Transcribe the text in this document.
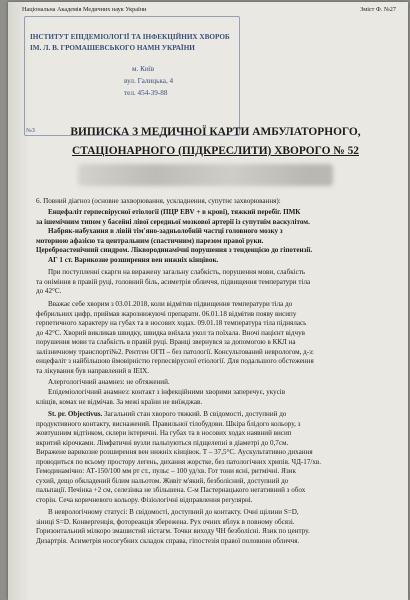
Національна Академія Медичних наук України	Зміст Ф. №27
ІНСТИТУТ ЕПІДЕМІОЛОГІЇ ТА ІНФЕКЦІЙНИХ ХВОРОБ
ІМ. Л. В. ГРОМАШЕВСЬКОГО НАМН УКРАЇНИ
м. Київ
вул. Галицька, 4
тел. 454-39-88
№3	ВИПИСКА З МЕДИЧНОЇ КАРТИ АМБУЛАТОРНОГО,
СТАЦІОНАРНОГО (ПІДКРЕСЛИТИ) ХВОРОГО № 52
6. Повний діагноз (основне захворювання, ускладнення, супутнє захворювання):
Енцефаліт герпесвірусної етіології (ПЦР EBV + в крові), тяжкий перебіг. ПМК
за ішемічним типом у басейні лівої середньої мозкової артерії із супутнім васкулітом.
Набряк-набухання в лівій тім'яно-задньолобній частці головного мозку з
моторною афазією та центральним (спастичним) парезом правої руки.
Цереброастенічний синдром. Ліквородинамічні порушення з тенденцією до гіпотензії.
АГ 1 ст. Варикозне розширення вен нижніх кінцівок.
При поступленні скарги на виражену загальну слабкість, порушення мови, слабкість
та оніміння в правій руці, головний біль, асиметрія обличчя, підвищення температури тіла
до 42°С.
Вважає себе хворим з 03.01.2018, коли відмітив підвищення температури тіла до
фебрильних цифр, приймав жарознижуючі препарати. 06.01.18 відмітив появу висипу
герпетичного характеру на губах та в носових ходах. 09.01.18 температура тіла піднялась
до 42°С. Хворий викликав швидку, швидка виїхала укол та поїхала. Вночі пацієнт відчув
порушення мови та слабкість в правій руці. Вранці звернувся за допомогою в ККЛ на
залізничному транспорті№2. Рентген ОГП – без патології. Консультований неврологом, д-з:
енцефаліт з найбільшою ймовірністю герпесвірусної етіології. Для подальшого обстеження
та лікування був направлений в ІЕІХ.
Алергологічний анамнез: не обтяжений.
Епідеміологічний анамнез: контакт з інфекційними хворими заперечує, укусів
кліщів, комах не відмічав. За межі країни не виїжджав.
St. pr. Objectivus. Загальний стан хворого тяжкий. В свідомості, доступний до
продуктивного контакту, виснажений. Правильної тілобудови. Шкіра блідого кольору, з
жовтушним відтінком, склери іктеричні. На губах та в носових ходах наявний висип
вкритий кірочками. Лімфатичні вузли пальпуються підщелепні в діаметрі до 0,7см.
Виражене варикозне розширення вен нижніх кінцівок. Т – 37,5°С. Аускультативно дихання
проводиться по всьому простору легень, дихання жорстке, без патологічних хрипів. ЧД-17/хв.
Гемодинамічно: АТ-150/100 мм рт ст., пульс – 100 уд/хв. Гот тони ясні, ритмічні. Язик
сухий, дещо обкладений білим нальотом. Живіт м'який, безболісний, доступний до
пальпації. Печінка +2 см, селезінка не збільшена. С-м Пастернацького негативний з обох
сторін. Сеча коричневого кольору. Фізіологічні відправлення регулярні.
В неврологічному статусі: В свідомості, доступний до контакту. Очні щілини S=D,
зіниці S=D. Конвергенція, фотореакція збережена. Рух очних яблук в повному обсязі.
Горизонтальний мілкоро змашистий ністагм. Точки виходу ЧН безболісні. Язик по центру.
Дизартрія. Асиметрія носогубних складок справа, гіпостезія правої половини обличчя.
